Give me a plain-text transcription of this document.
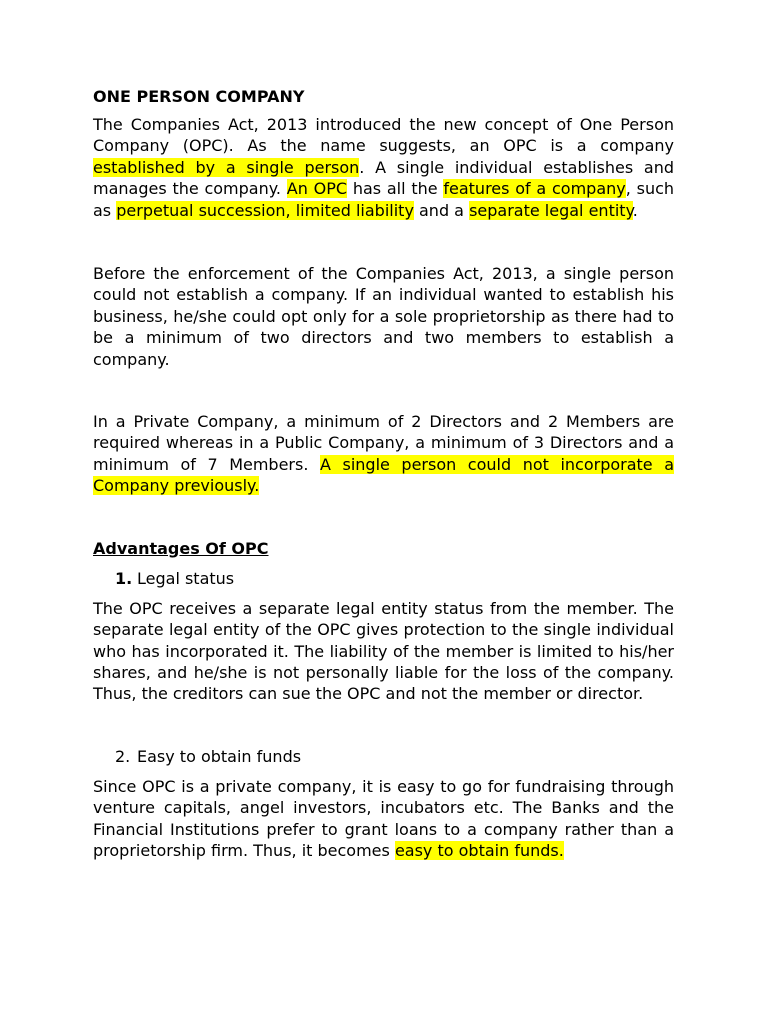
ONE PERSON COMPANY

The Companies Act, 2013 introduced the new concept of One Person Company (OPC). As the name suggests, an OPC is a company established by a single person. A single individual establishes and manages the company. An OPC has all the features of a company, such as perpetual succession, limited liability and a separate legal entity.

Before the enforcement of the Companies Act, 2013, a single person could not establish a company. If an individual wanted to establish his business, he/she could opt only for a sole proprietorship as there had to be a minimum of two directors and two members to establish a company.

In a Private Company, a minimum of 2 Directors and 2 Members are required whereas in a Public Company, a minimum of 3 Directors and a minimum of 7 Members. A single person could not incorporate a Company previously.

Advantages Of OPC
1. Legal status

The OPC receives a separate legal entity status from the member. The separate legal entity of the OPC gives protection to the single individual who has incorporated it. The liability of the member is limited to his/her shares, and he/she is not personally liable for the loss of the company. Thus, the creditors can sue the OPC and not the member or director.

2. Easy to obtain funds

Since OPC is a private company, it is easy to go for fundraising through venture capitals, angel investors, incubators etc. The Banks and the Financial Institutions prefer to grant loans to a company rather than a proprietorship firm. Thus, it becomes easy to obtain funds.
